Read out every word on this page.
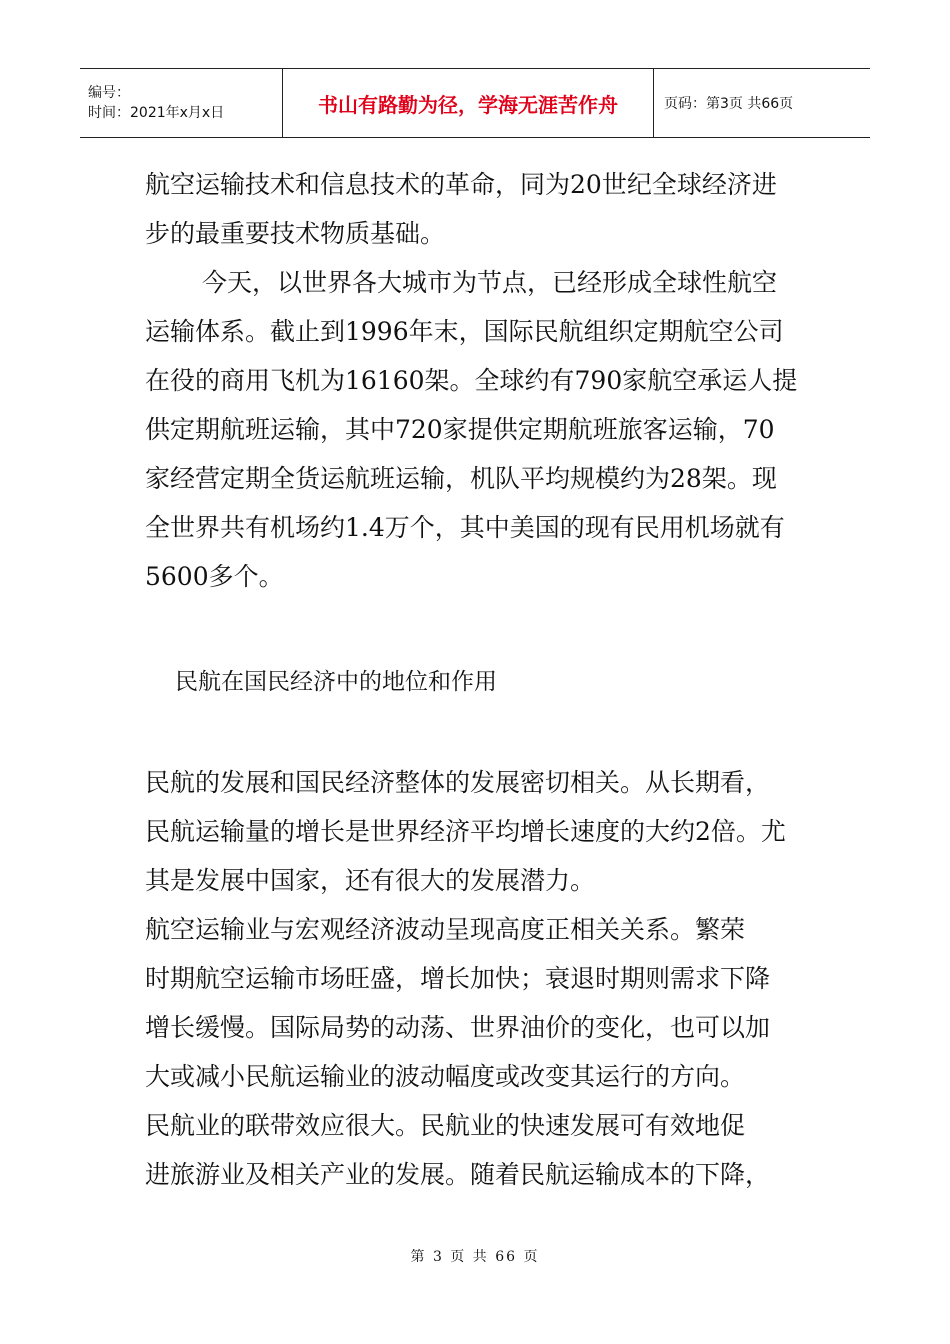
编号：
时间：2021年x月x日	书山有路勤为径，学海无涯苦作舟	页码：第3页 共66页

航空运输技术和信息技术的革命，同为20世纪全球经济进

步的最重要技术物质基础。

今天，以世界各大城市为节点，已经形成全球性航空

运输体系。截止到1996年末，国际民航组织定期航空公司

在役的商用飞机为16160架。全球约有790家航空承运人提

供定期航班运输，其中720家提供定期航班旅客运输，70

家经营定期全货运航班运输，机队平均规模约为28架。现

全世界共有机场约1.4万个，其中美国的现有民用机场就有

5600多个。

民航在国民经济中的地位和作用

民航的发展和国民经济整体的发展密切相关。从长期看，

民航运输量的增长是世界经济平均增长速度的大约2倍。尤

其是发展中国家，还有很大的发展潜力。

航空运输业与宏观经济波动呈现高度正相关关系。繁荣

时期航空运输市场旺盛，增长加快；衰退时期则需求下降

增长缓慢。国际局势的动荡、世界油价的变化，也可以加

大或减小民航运输业的波动幅度或改变其运行的方向。

民航业的联带效应很大。民航业的快速发展可有效地促

进旅游业及相关产业的发展。随着民航运输成本的下降，

第 3 页 共 66 页
